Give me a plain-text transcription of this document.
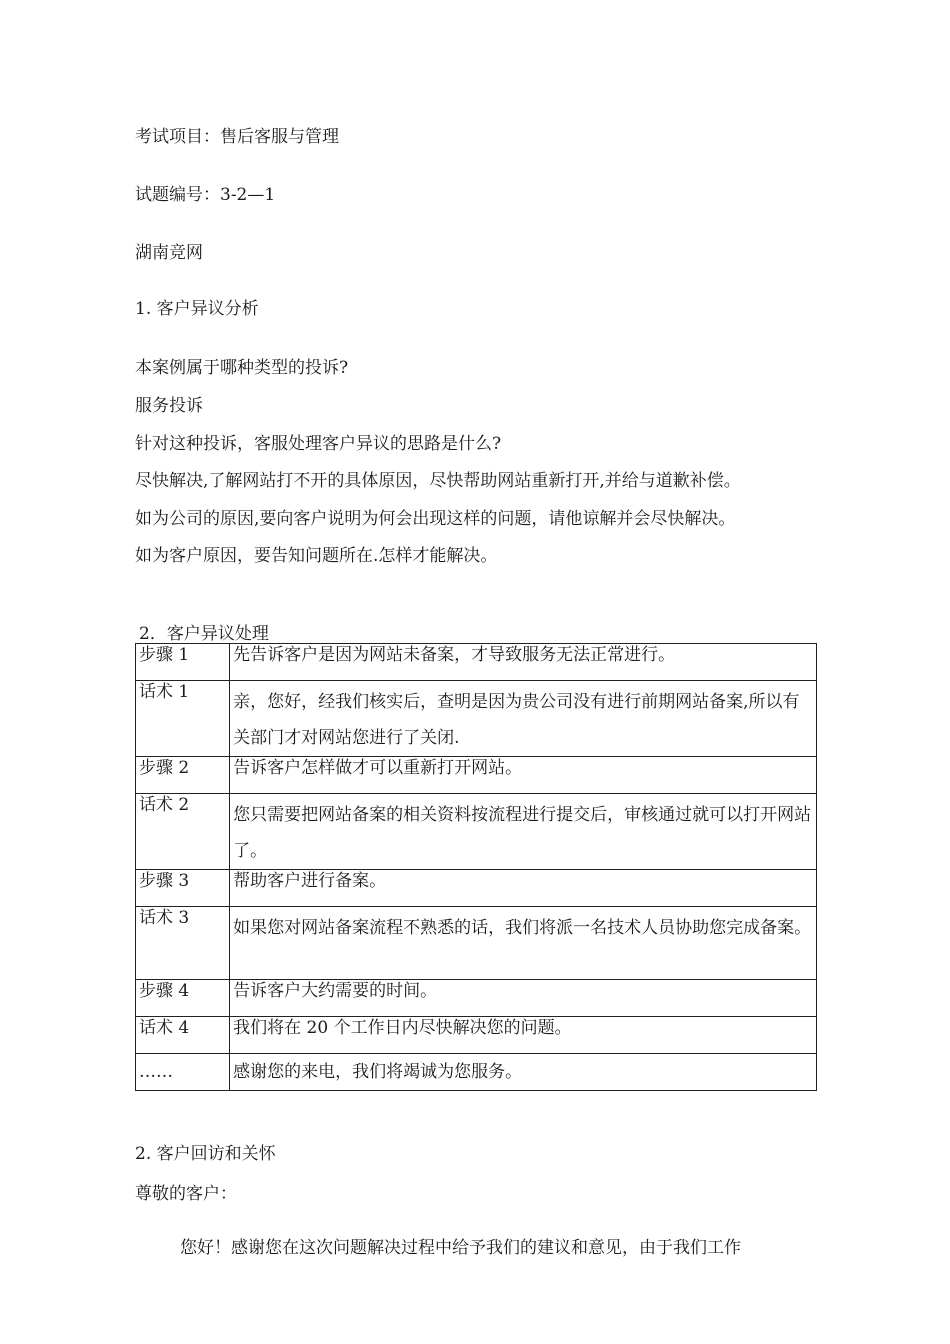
考试项目：售后客服与管理
试题编号：3-2—1
湖南竞网
1. 客户异议分析
本案例属于哪种类型的投诉?
服务投诉
针对这种投诉，客服处理客户异议的思路是什么?
尽快解决,了解网站打不开的具体原因，尽快帮助网站重新打开,并给与道歉补偿。
如为公司的原因,要向客户说明为何会出现这样的问题，请他谅解并会尽快解决。
如为客户原因，要告知问题所在.怎样才能解决。
2．客户异议处理
步骤 1	先告诉客户是因为网站未备案，才导致服务无法正常进行。
话术 1	亲，您好，经我们核实后，查明是因为贵公司没有进行前期网站备案,所以有关部门才对网站您进行了关闭.
步骤 2	告诉客户怎样做才可以重新打开网站。
话术 2	您只需要把网站备案的相关资料按流程进行提交后，审核通过就可以打开网站了。
步骤 3	帮助客户进行备案。
话术 3	如果您对网站备案流程不熟悉的话，我们将派一名技术人员协助您完成备案。
步骤 4	告诉客户大约需要的时间。
话术 4	我们将在 20 个工作日内尽快解决您的问题。
……	感谢您的来电，我们将竭诚为您服务。
2. 客户回访和关怀
尊敬的客户：
您好！感谢您在这次问题解决过程中给予我们的建议和意见，由于我们工作
